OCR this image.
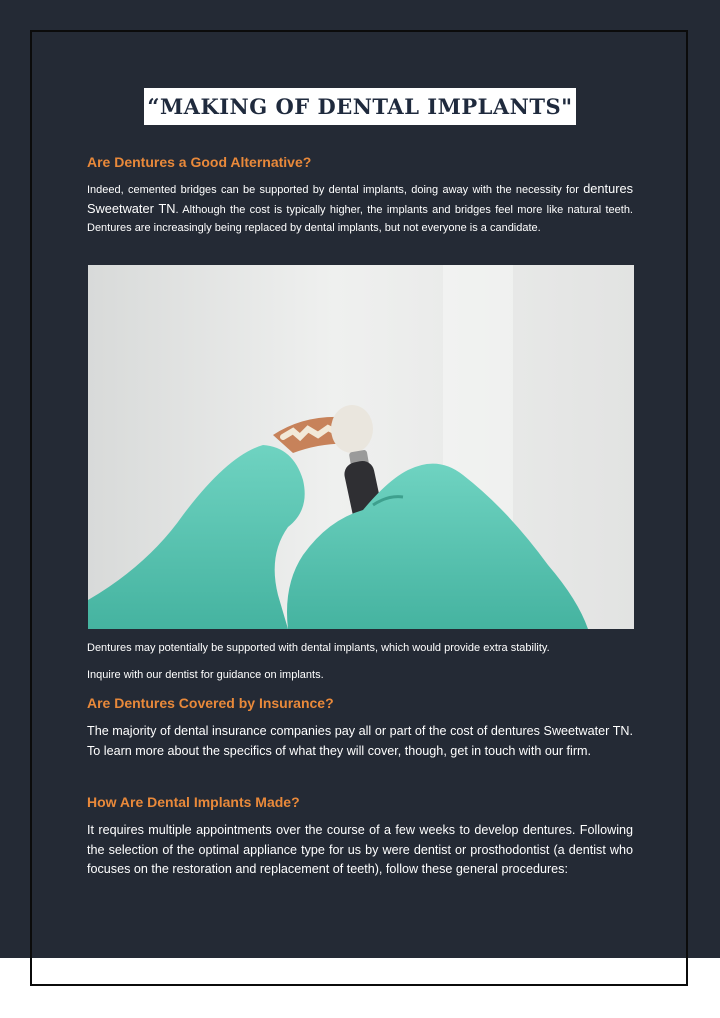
“MAKING OF DENTAL IMPLANTS"
Are Dentures a Good Alternative?

Indeed, cemented bridges can be supported by dental implants, doing away with the necessity for dentures Sweetwater TN. Although the cost is typically higher, the implants and bridges feel more like natural teeth. Dentures are increasingly being replaced by dental implants, but not everyone is a candidate.

Dentures may potentially be supported with dental implants, which would provide extra stability.

Inquire with our dentist for guidance on implants.

Are Dentures Covered by Insurance?

The majority of dental insurance companies pay all or part of the cost of dentures Sweetwater TN. To learn more about the specifics of what they will cover, though, get in touch with our firm.

How Are Dental Implants Made?

It requires multiple appointments over the course of a few weeks to develop dentures. Following the selection of the optimal appliance type for us by were dentist or prosthodontist (a dentist who focuses on the restoration and replacement of teeth), follow these general procedures:
